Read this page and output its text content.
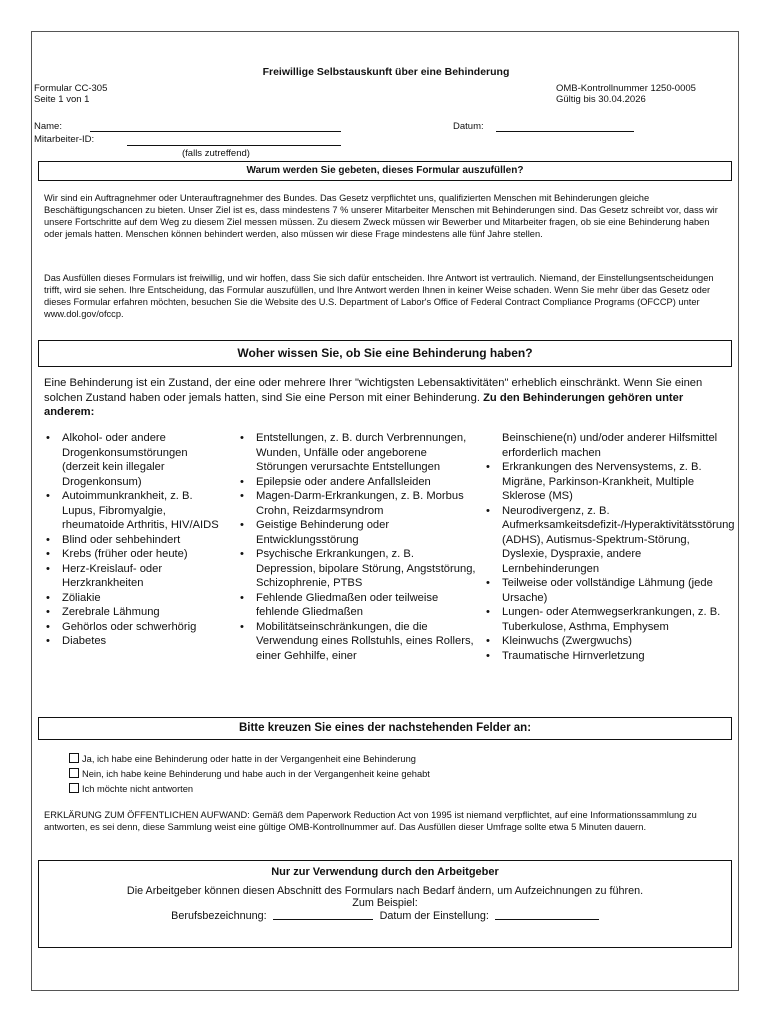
Freiwillige Selbstauskunft über eine Behinderung
Formular CC-305
Seite 1 von 1
OMB-Kontrollnummer 1250-0005
Gültig bis 30.04.2026
Name:	Datum:
Mitarbeiter-ID:
(falls zutreffend)
Warum werden Sie gebeten, dieses Formular auszufüllen?
Wir sind ein Auftragnehmer oder Unterauftragnehmer des Bundes. Das Gesetz verpflichtet uns, qualifizierten Menschen mit Behinderungen gleiche Beschäftigungschancen zu bieten. Unser Ziel ist es, dass mindestens 7 % unserer Mitarbeiter Menschen mit Behinderungen sind. Das Gesetz schreibt vor, dass wir unsere Fortschritte auf dem Weg zu diesem Ziel messen müssen. Zu diesem Zweck müssen wir Bewerber und Mitarbeiter fragen, ob sie eine Behinderung haben oder jemals hatten. Menschen können behindert werden, also müssen wir diese Frage mindestens alle fünf Jahre stellen.
Das Ausfüllen dieses Formulars ist freiwillig, und wir hoffen, dass Sie sich dafür entscheiden. Ihre Antwort ist vertraulich. Niemand, der Einstellungsentscheidungen trifft, wird sie sehen. Ihre Entscheidung, das Formular auszufüllen, und Ihre Antwort werden Ihnen in keiner Weise schaden. Wenn Sie mehr über das Gesetz oder dieses Formular erfahren möchten, besuchen Sie die Website des U.S. Department of Labor's Office of Federal Contract Compliance Programs (OFCCP) unter www.dol.gov/ofccp.
Woher wissen Sie, ob Sie eine Behinderung haben?
Eine Behinderung ist ein Zustand, der eine oder mehrere Ihrer "wichtigsten Lebensaktivitäten" erheblich einschränkt. Wenn Sie einen solchen Zustand haben oder jemals hatten, sind Sie eine Person mit einer Behinderung. Zu den Behinderungen gehören unter anderem:
• Alkohol- oder andere Drogenkonsumstörungen (derzeit kein illegaler Drogenkonsum)
• Autoimmunkrankheit, z. B. Lupus, Fibromyalgie, rheumatoide Arthritis, HIV/AIDS
• Blind oder sehbehindert
• Krebs (früher oder heute)
• Herz-Kreislauf- oder Herzkrankheiten
• Zöliakie
• Zerebrale Lähmung
• Gehörlos oder schwerhörig
• Diabetes
• Entstellungen, z. B. durch Verbrennungen, Wunden, Unfälle oder angeborene Störungen verursachte Entstellungen
• Epilepsie oder andere Anfallsleiden
• Magen-Darm-Erkrankungen, z. B. Morbus Crohn, Reizdarmsyndrom
• Geistige Behinderung oder Entwicklungsstörung
• Psychische Erkrankungen, z. B. Depression, bipolare Störung, Angststörung, Schizophrenie, PTBS
• Fehlende Gliedmaßen oder teilweise fehlende Gliedmaßen
• Mobilitätseinschränkungen, die die Verwendung eines Rollstuhls, eines Rollers, einer Gehhilfe, einer
Beinschiene(n) und/oder anderer Hilfsmittel erforderlich machen
• Erkrankungen des Nervensystems, z. B. Migräne, Parkinson-Krankheit, Multiple Sklerose (MS)
• Neurodivergenz, z. B. Aufmerksamkeitsdefizit-/Hyperaktivitätsstörung (ADHS), Autismus-Spektrum-Störung, Dyslexie, Dyspraxie, andere Lernbehinderungen
• Teilweise oder vollständige Lähmung (jede Ursache)
• Lungen- oder Atemwegserkrankungen, z. B. Tuberkulose, Asthma, Emphysem
• Kleinwuchs (Zwergwuchs)
• Traumatische Hirnverletzung
Bitte kreuzen Sie eines der nachstehenden Felder an:
Ja, ich habe eine Behinderung oder hatte in der Vergangenheit eine Behinderung
Nein, ich habe keine Behinderung und habe auch in der Vergangenheit keine gehabt
Ich möchte nicht antworten
ERKLÄRUNG ZUM ÖFFENTLICHEN AUFWAND: Gemäß dem Paperwork Reduction Act von 1995 ist niemand verpflichtet, auf eine Informationssammlung zu antworten, es sei denn, diese Sammlung weist eine gültige OMB-Kontrollnummer auf. Das Ausfüllen dieser Umfrage sollte etwa 5 Minuten dauern.
Nur zur Verwendung durch den Arbeitgeber
Die Arbeitgeber können diesen Abschnitt des Formulars nach Bedarf ändern, um Aufzeichnungen zu führen.
Zum Beispiel:
Berufsbezeichnung:	Datum der Einstellung:
